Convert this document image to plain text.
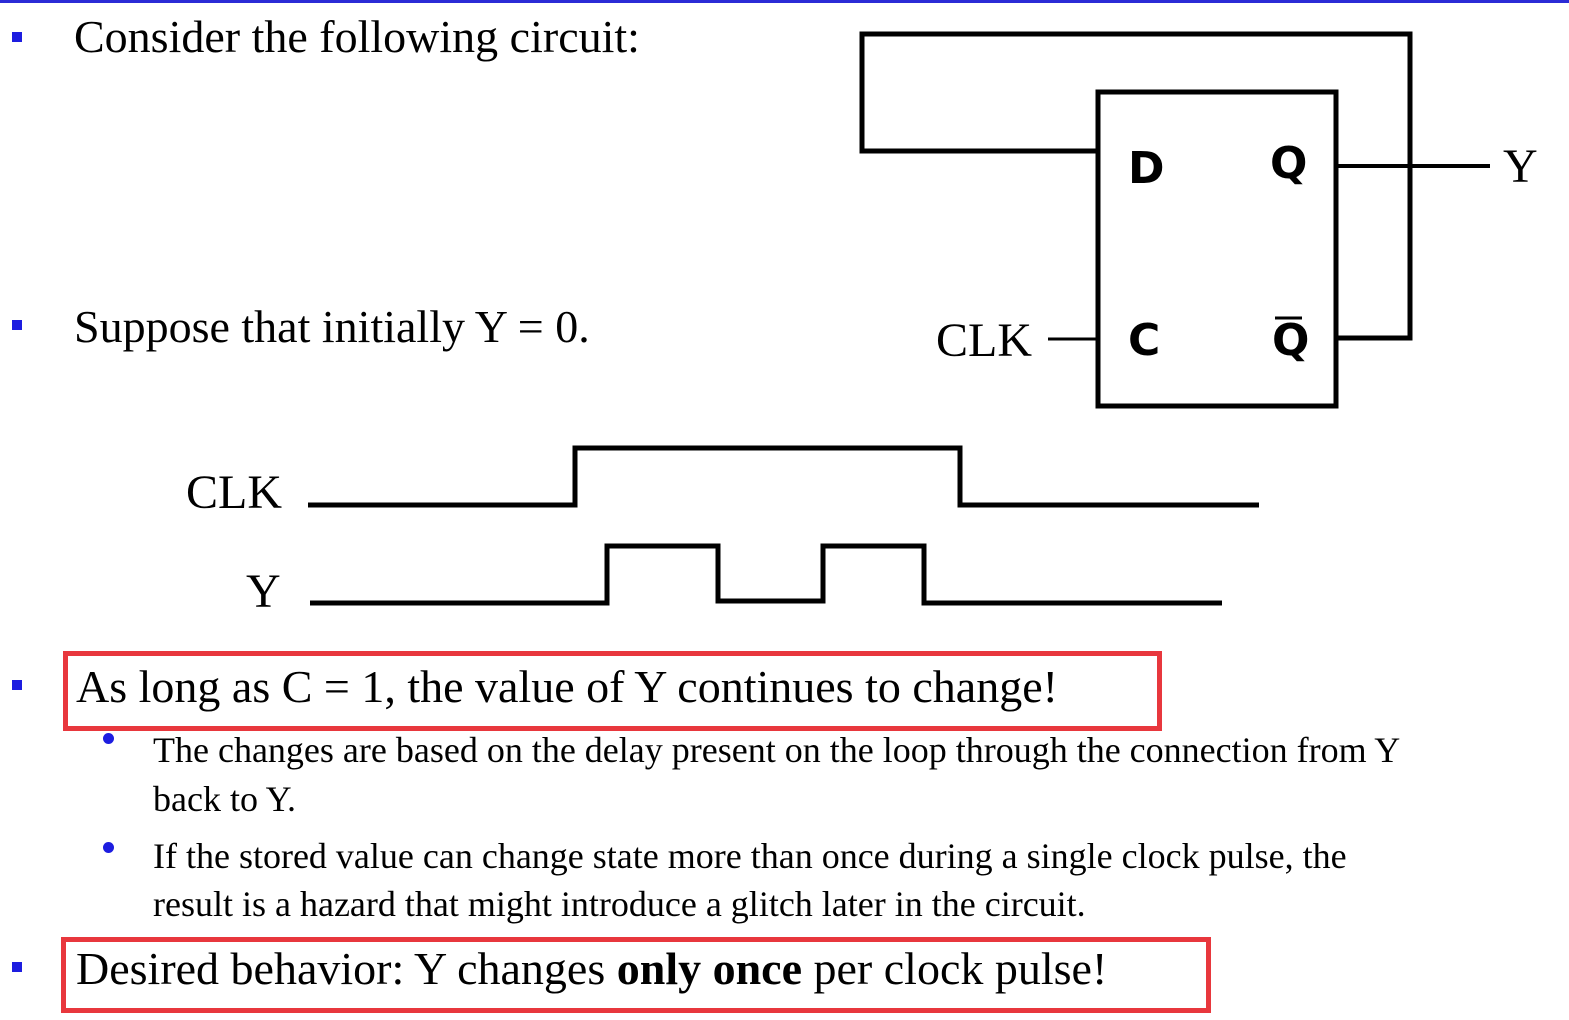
Consider the following circuit:
Suppose that initially Y = 0.
D Q
C	Q
CLK
Y
CLK
Y
As long as C = 1, the value of Y continues to change!
The changes are based on the delay present on the loop through the connection from Y
back to Y.
If the stored value can change state more than once during a single clock pulse, the
result is a hazard that might introduce a glitch later in the circuit.
Desired behavior: Y changes only once per clock pulse!
